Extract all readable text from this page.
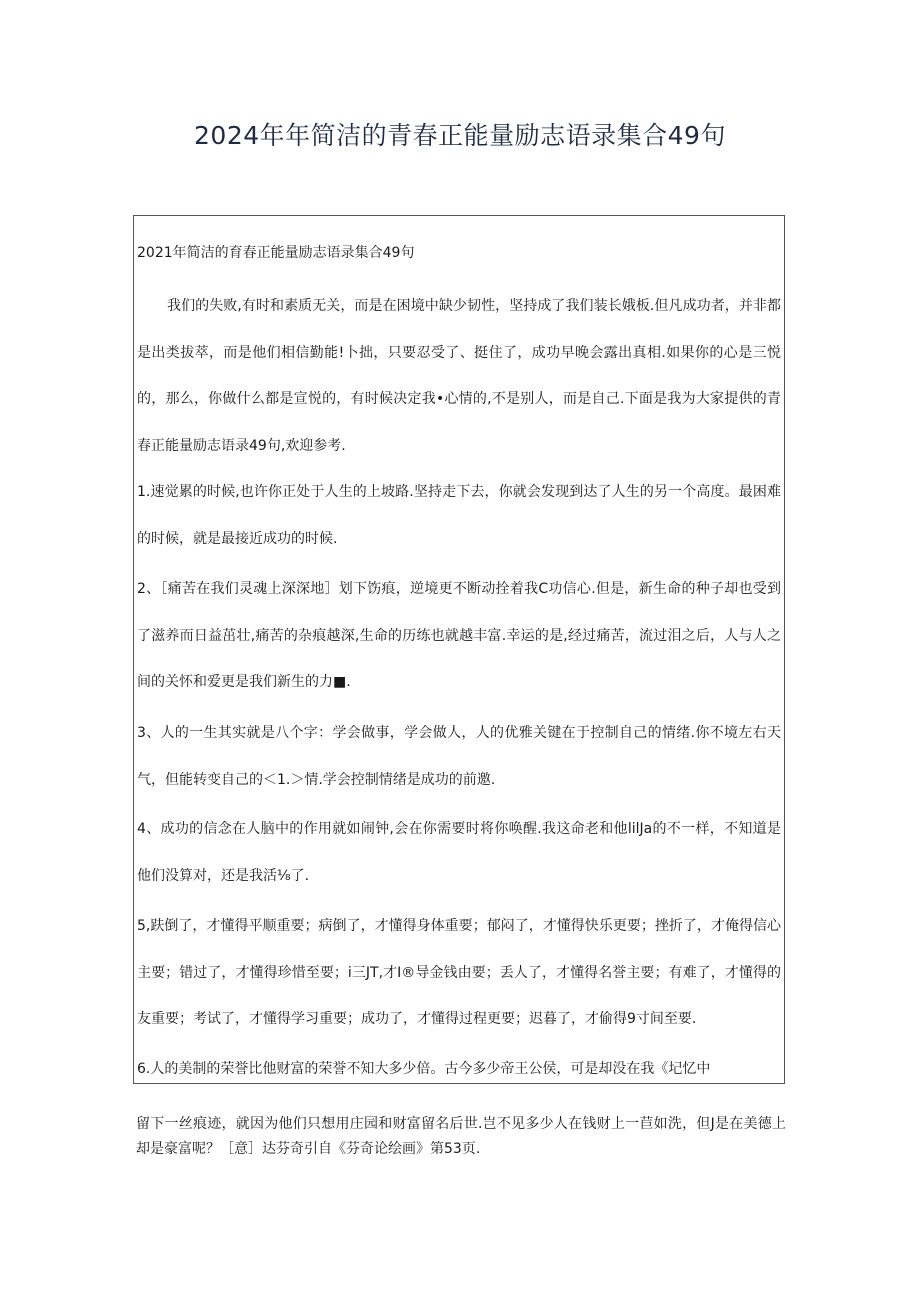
2024年年简洁的青春正能量励志语录集合49句
2021年简洁的育春正能量励志语录集合49句

我们的失败,有时和素质无关，而是在困境中缺少韧性，坚持成了我们装长娥板.但凡成功者，并非都是出类拔萃，而是他们相信勤能!卜拙，只要忍受了、挺住了，成功早晚会露出真相.如果你的心是三悦的，那么，你做什么都是宣悦的，有时候决定我•心情的,不是别人，而是自己.下面是我为大家提供的青春正能量励志语录49句,欢迎参考.

1.速觉累的时候,也许你正处于人生的上坡路.坚持走下去，你就会发现到达了人生的另一个高度。最困难的时候，就是最接近成功的时候.

2、［痛苦在我们灵魂上深深地］划下饬痕，逆境更不断动拴着我C功信心.但是，新生命的种子却也受到了滋养而日益茁壮,痛苦的杂痕越深,生命的历练也就越丰富.幸运的是,经过痛苦，流过泪之后，人与人之间的关怀和爱更是我们新生的力■.

3、人的一生其实就是八个字：学会做事，学会做人，人的优雅关键在于控制自己的情绪.你不境左右天气，但能转变自己的＜1.＞情.学会控制情绪是成功的前邀.

4、成功的信念在人脑中的作用就如闹钟,会在你需要时将你唤醒.我这命老和他lilJa的不一样，不知道是他们没算对，还是我活⅛了.

5,趺倒了，才懂得平顺重要；病倒了，才懂得身体重要；郁闷了，才懂得快乐更要；挫折了，才俺得信心主要；错过了，才懂得珍惜至要；i三JT,才I®导金钱由要；丢人了，才懂得名誉主要；有难了，才懂得的友重要；考试了，才懂得学习重要；成功了，才懂得过程更要；迟暮了，才偷得9寸间至要.

6.人的美制的荣誉比他财富的荣誉不知大多少倍。古今多少帝王公侯，可是却没在我《圮忆中

留下一丝痕迹，就因为他们只想用庄园和财富留名后世.岂不见多少人在钱财上一苣如洗，但J是在美德上却是豪富呢？［意］达芬奇引自《芬奇论绘画》第53页.
